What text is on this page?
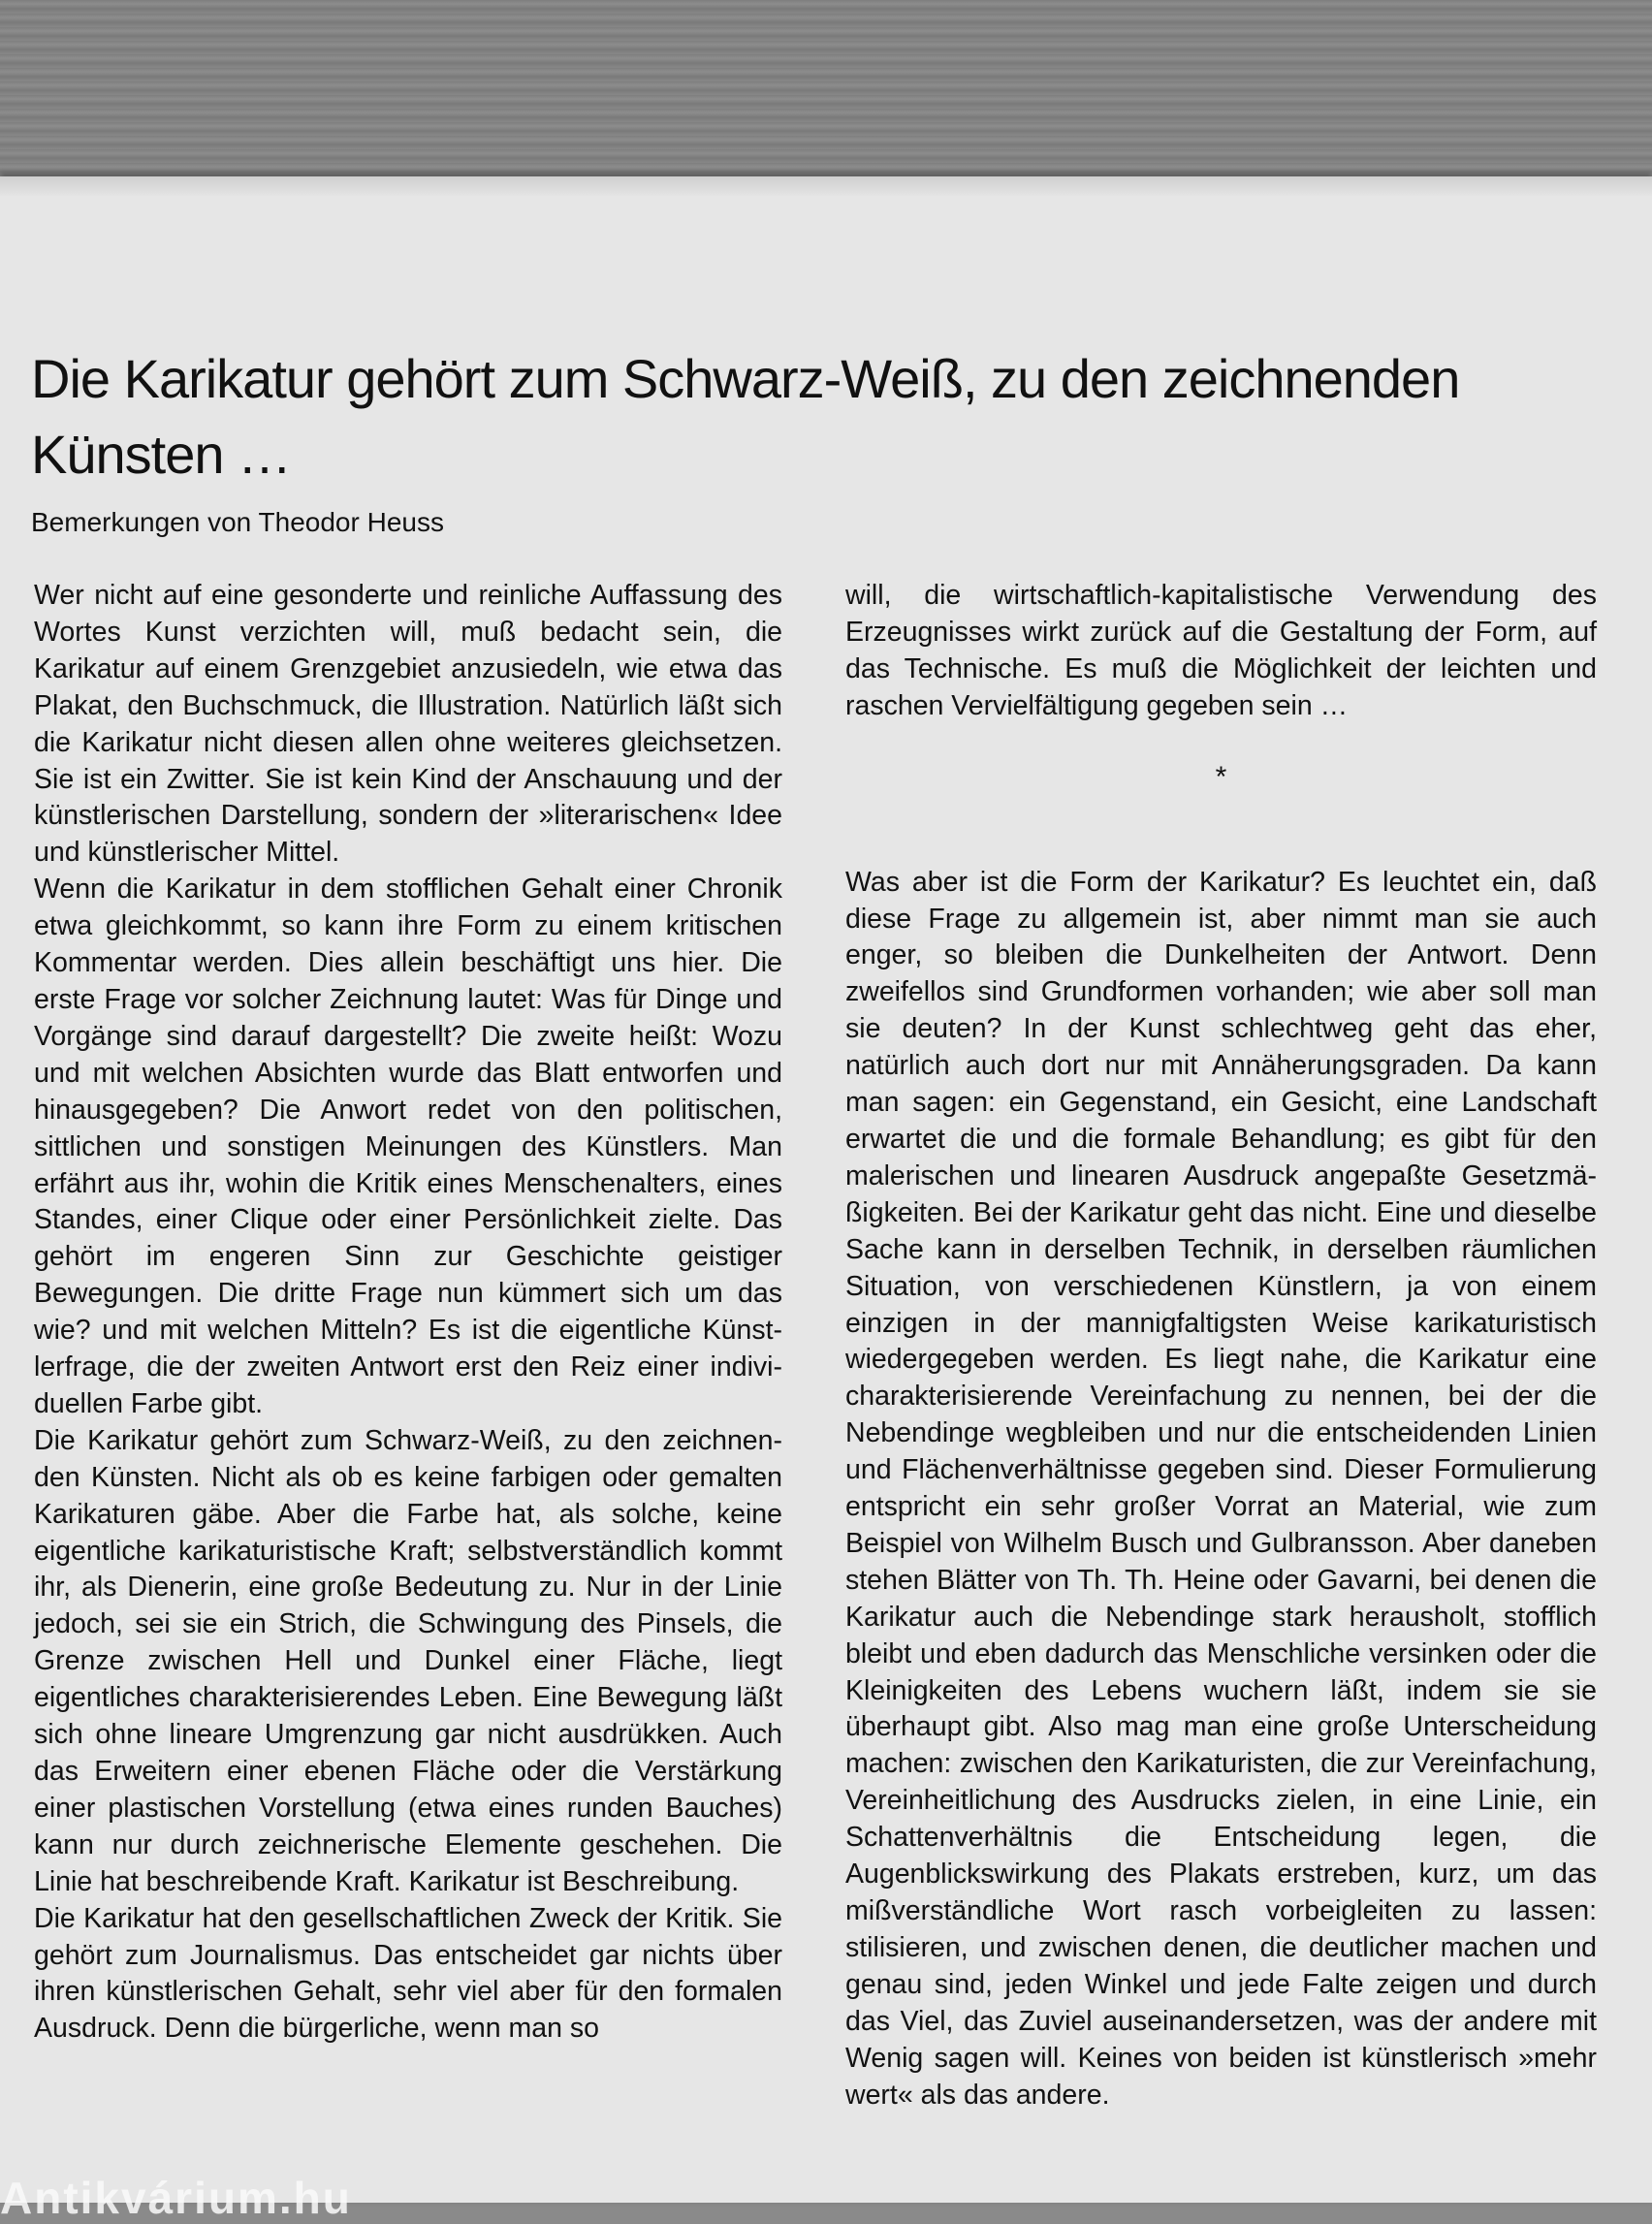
Die Karikatur gehört zum Schwarz-Weiß, zu den zeichnenden Künsten …
Bemerkungen von Theodor Heuss

Wer nicht auf eine gesonderte und reinliche Auffassung des Wortes Kunst verzichten will, muß bedacht sein, die Karikatur auf einem Grenzgebiet anzusiedeln, wie etwa das Plakat, den Buchschmuck, die Illustration. Natürlich läßt sich die Karikatur nicht diesen allen ohne weiteres gleichsetzen. Sie ist ein Zwitter. Sie ist kein Kind der Anschauung und der künstlerischen Darstellung, sondern der »literarischen« Idee und künstlerischer Mittel.

Wenn die Karikatur in dem stofflichen Gehalt einer Chronik etwa gleichkommt, so kann ihre Form zu einem kritischen Kommentar werden. Dies allein beschäftigt uns hier. Die erste Frage vor solcher Zeichnung lautet: Was für Dinge und Vorgänge sind darauf dargestellt? Die zweite heißt: Wozu und mit welchen Absichten wurde das Blatt entworfen und hinausgegeben? Die Anwort redet von den politischen, sittlichen und sonstigen Meinungen des Künstlers. Man erfährt aus ihr, wohin die Kritik eines Menschenalters, eines Standes, einer Clique oder einer Persönlichkeit zielte. Das gehört im engeren Sinn zur Geschichte geistiger Bewegungen. Die dritte Frage nun kümmert sich um das wie? und mit welchen Mitteln? Es ist die eigentliche Künstlerfrage, die der zweiten Antwort erst den Reiz einer individuellen Farbe gibt.

Die Karikatur gehört zum Schwarz-Weiß, zu den zeichnenden Künsten. Nicht als ob es keine farbigen oder gemalten Karikaturen gäbe. Aber die Farbe hat, als solche, keine eigentliche karikaturistische Kraft; selbstverständlich kommt ihr, als Dienerin, eine große Bedeutung zu. Nur in der Linie jedoch, sei sie ein Strich, die Schwingung des Pinsels, die Grenze zwischen Hell und Dunkel einer Fläche, liegt eigentliches charakterisierendes Leben. Eine Bewegung läßt sich ohne lineare Umgrenzung gar nicht ausdrükken. Auch das Erweitern einer ebenen Fläche oder die Verstärkung einer plastischen Vorstellung (etwa eines runden Bauches) kann nur durch zeichnerische Elemente geschehen. Die Linie hat beschreibende Kraft. Karikatur ist Beschreibung.

Die Karikatur hat den gesellschaftlichen Zweck der Kritik. Sie gehört zum Journalismus. Das entscheidet gar nichts über ihren künstlerischen Gehalt, sehr viel aber für den formalen Ausdruck. Denn die bürgerliche, wenn man so

will, die wirtschaftlich-kapitalistische Verwendung des Erzeugnisses wirkt zurück auf die Gestaltung der Form, auf das Technische. Es muß die Möglichkeit der leichten und raschen Vervielfältigung gegeben sein …

*

Was aber ist die Form der Karikatur? Es leuchtet ein, daß diese Frage zu allgemein ist, aber nimmt man sie auch enger, so bleiben die Dunkelheiten der Antwort. Denn zweifellos sind Grundformen vorhanden; wie aber soll man sie deuten? In der Kunst schlechtweg geht das eher, natürlich auch dort nur mit Annäherungsgraden. Da kann man sagen: ein Gegenstand, ein Gesicht, eine Landschaft erwartet die und die formale Behandlung; es gibt für den malerischen und linearen Ausdruck angepaßte Gesetzmäßigkeiten. Bei der Karikatur geht das nicht. Eine und dieselbe Sache kann in derselben Technik, in derselben räumlichen Situation, von verschiedenen Künstlern, ja von einem einzigen in der mannigfaltigsten Weise karikaturistisch wiedergegeben werden. Es liegt nahe, die Karikatur eine charakterisierende Vereinfachung zu nennen, bei der die Nebendinge wegbleiben und nur die entscheidenden Linien und Flächenverhältnisse gegeben sind. Dieser Formulierung entspricht ein sehr großer Vorrat an Material, wie zum Beispiel von Wilhelm Busch und Gulbransson. Aber daneben stehen Blätter von Th. Th. Heine oder Gavarni, bei denen die Karikatur auch die Nebendinge stark herausholt, stofflich bleibt und eben dadurch das Menschliche versinken oder die Kleinigkeiten des Lebens wuchern läßt, indem sie sie überhaupt gibt. Also mag man eine große Unterscheidung machen: zwischen den Karikaturisten, die zur Vereinfachung, Vereinheitlichung des Ausdrucks zielen, in eine Linie, ein Schattenverhältnis die Entscheidung legen, die Augenblickswirkung des Plakats erstreben, kurz, um das mißverständliche Wort rasch vorbeigleiten zu lassen: stilisieren, und zwischen denen, die deutlicher machen und genau sind, jeden Winkel und jede Falte zeigen und durch das Viel, das Zuviel auseinandersetzen, was der andere mit Wenig sagen will. Keines von beiden ist künstlerisch »mehr wert« als das andere.

Antikvárium.hu
